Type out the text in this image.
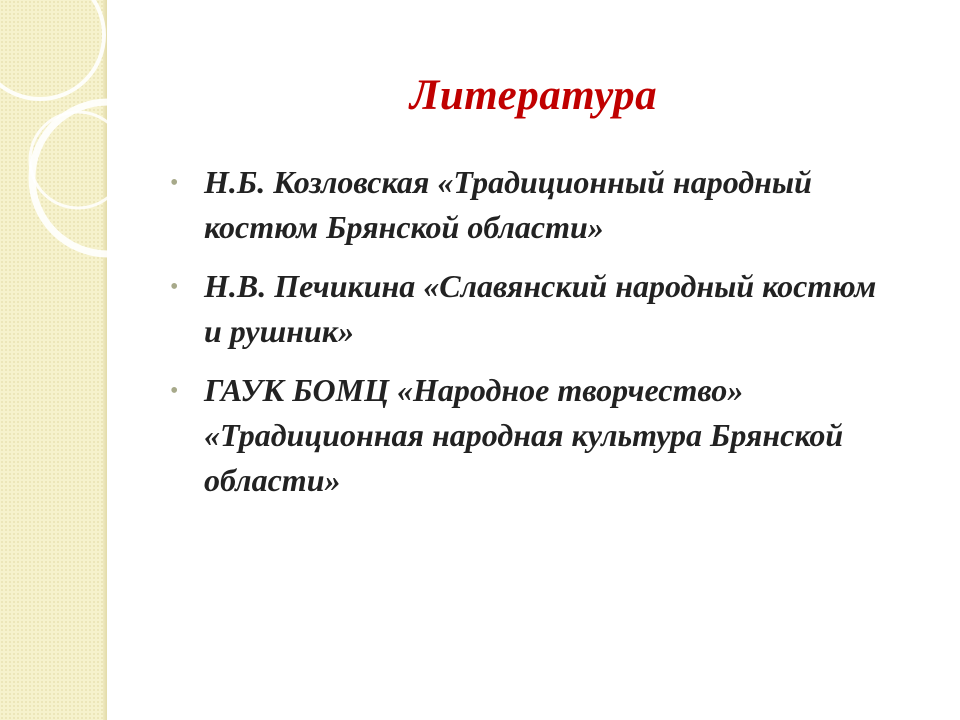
Литература
• Н.Б. Козловская «Традиционный народный костюм Брянской области»
• Н.В. Печикина «Славянский народный костюм и рушник»
• ГАУК БОМЦ «Народное творчество» «Традиционная народная культура Брянской области»
